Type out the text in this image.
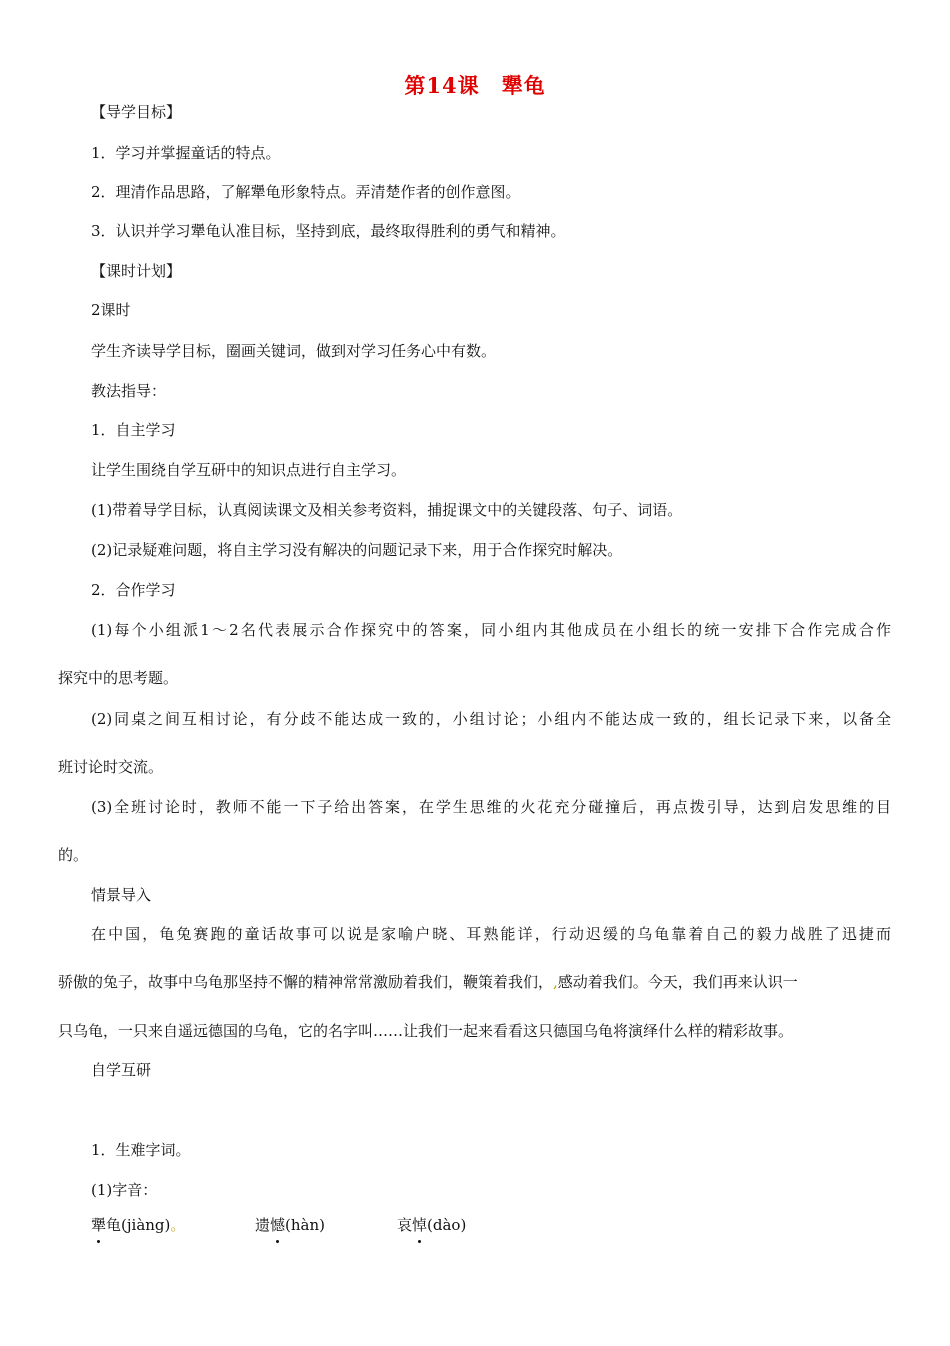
第14课 犟龟
【导学目标】
1．学习并掌握童话的特点。
2．理清作品思路，了解犟龟形象特点。弄清楚作者的创作意图。
3．认识并学习犟龟认准目标，坚持到底，最终取得胜利的勇气和精神。
【课时计划】
2课时
学生齐读导学目标，圈画关键词，做到对学习任务心中有数。
教法指导：
1．自主学习
让学生围绕自学互研中的知识点进行自主学习。
(1)带着导学目标，认真阅读课文及相关参考资料，捕捉课文中的关键段落、句子、词语。
(2)记录疑难问题，将自主学习没有解决的问题记录下来，用于合作探究时解决。
2．合作学习
(1)每个小组派1～2名代表展示合作探究中的答案，同小组内其他成员在小组长的统一安排下合作完成合作
探究中的思考题。
(2)同桌之间互相讨论，有分歧不能达成一致的，小组讨论；小组内不能达成一致的，组长记录下来，以备全
班讨论时交流。
(3)全班讨论时，教师不能一下子给出答案，在学生思维的火花充分碰撞后，再点拨引导，达到启发思维的目
的。
情景导入
在中国，龟兔赛跑的童话故事可以说是家喻户晓、耳熟能详，行动迟缓的乌龟靠着自己的毅力战胜了迅捷而
骄傲的兔子，故事中乌龟那坚持不懈的精神常常激励着我们，鞭策着我们，,感动着我们。今天，我们再来认识一
只乌龟，一只来自遥远德国的乌龟，它的名字叫……让我们一起来看看这只德国乌龟将演绎什么样的精彩故事。
自学互研
1．生难字词。
(1)字音：
犟龟(jiàng)。	遗憾(hàn)	哀悼(dào)
